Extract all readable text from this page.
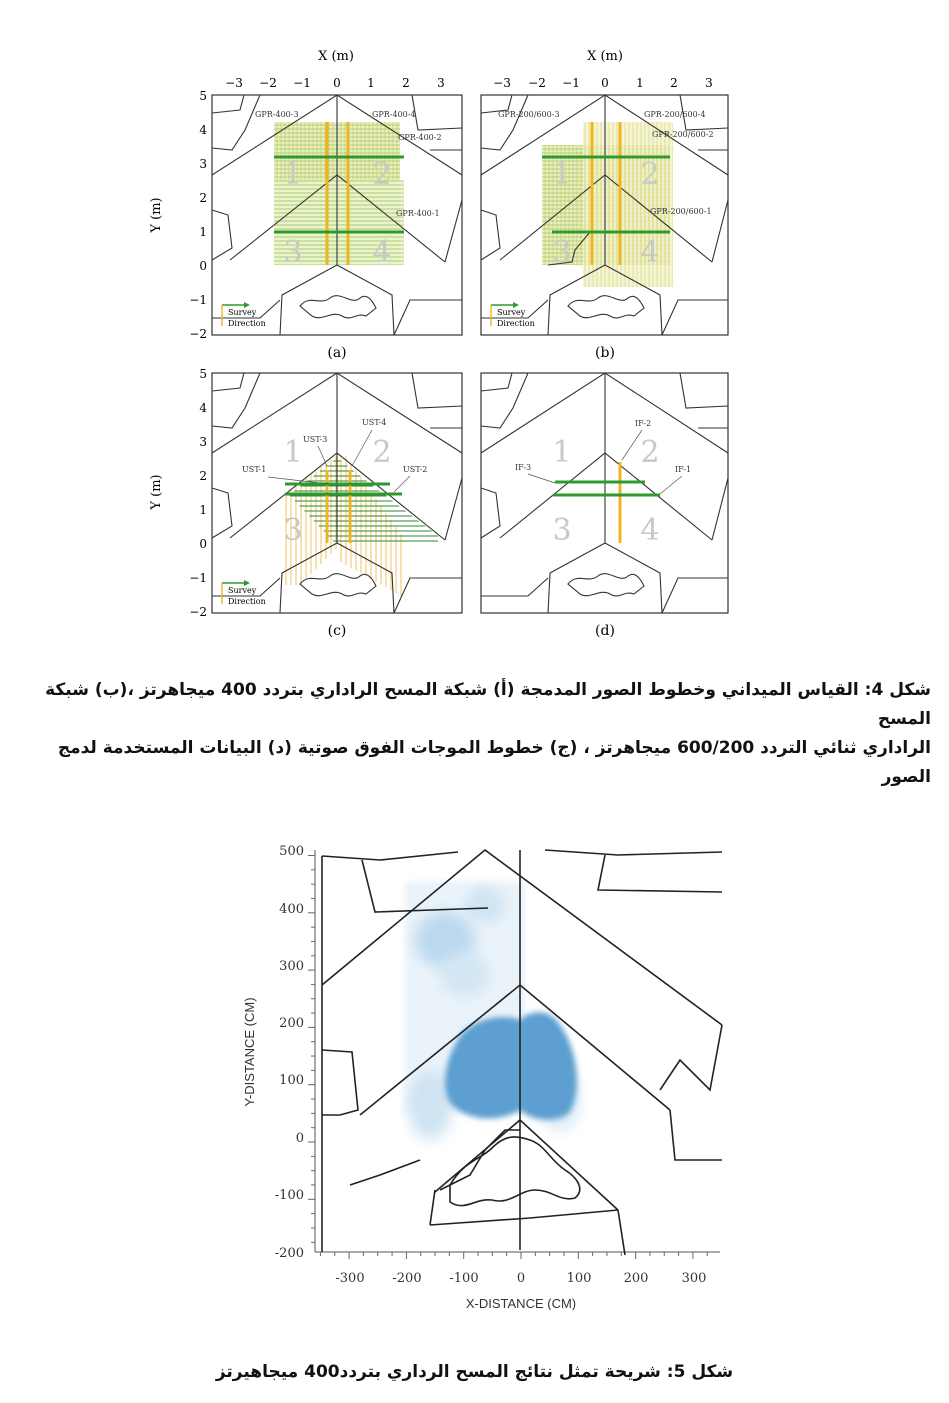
X (m)	X (m)
Y (m)
Y (m)
−3 −2 −1 0 1 2 3	−3 −2 −1 0 1 2 3
5
4
3
2
1
0
−1
−2
5
4
3
2
1
0
−1
−2
1 2
3 4
GPR-400-3	GPR-400-4
GPR-400-2
GPR-400-1
Survey
Direction
(a)
1 2
3 4
GPR-200/600-3	GPR-200/600-4
GPR-200/600-2
GPR-200/600-1
Survey
Direction
(b)
1 2
3
UST-3
UST-4
UST-1	UST-2
Survey
Direction
(c)
1 2
3 4
IF-2
IF-3	IF-1
(d)
شكل 4: القياس الميداني وخطوط الصور المدمجة (أ) شبكة المسح الراداري بتردد 400 ميجاهرتز ،(ب) شبكة المسح
الراداري ثنائي التردد 600/200 ميجاهرتز ، (ج) خطوط الموجات الفوق صوتية (د) البيانات المستخدمة لدمج الصور
500
400
300
200
100
0
-100
-200
-300 -200 -100	0	100 200	300
X-DISTANCE (CM)
Y-DISTANCE (CM)
شكل 5: شريحة تمثل نتائج المسح الرداري بتردد400 ميجاهيرتز
